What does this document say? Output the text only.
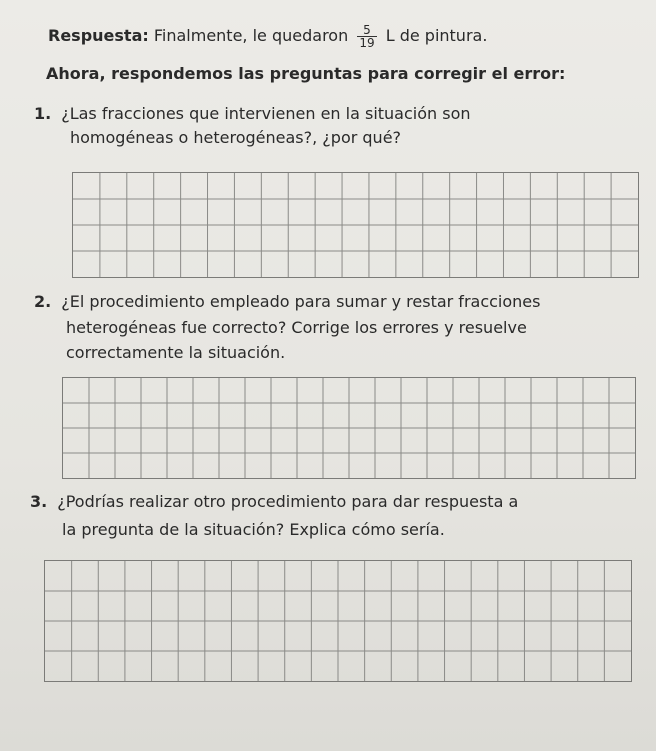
Respuesta: Finalmente, le quedaron $\frac{5}{19}$ L de pintura.
Ahora, respondemos las preguntas para corregir el error:
1. ¿Las fracciones que intervienen en la situación son
homogéneas o heterogéneas?, ¿por qué?
2. ¿El procedimiento empleado para sumar y restar fracciones
heterogéneas fue correcto? Corrige los errores y resuelve
correctamente la situación.
3. ¿Podrías realizar otro procedimiento para dar respuesta a
la pregunta de la situación? Explica cómo sería.
